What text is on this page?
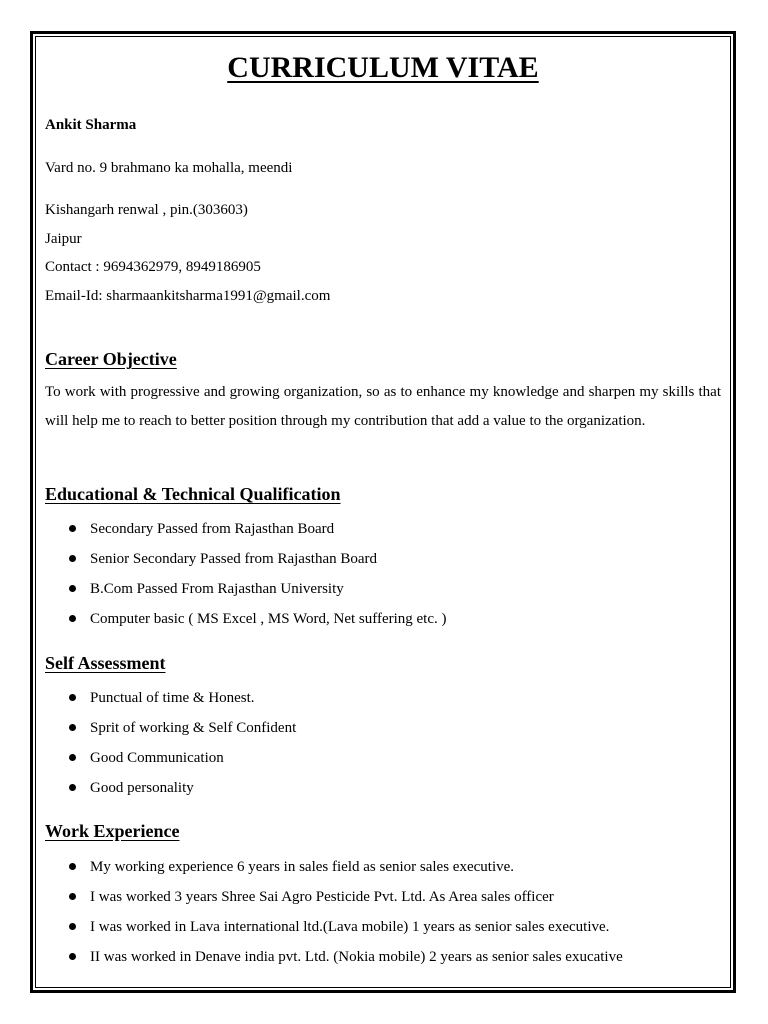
CURRICULUM VITAE
Ankit Sharma
Vard no. 9 brahmano ka mohalla, meendi
Kishangarh renwal , pin.(303603)
Jaipur
Contact : 9694362979, 8949186905
Email-Id: sharmaankitsharma1991@gmail.com
Career Objective
To work with progressive and growing organization, so as to enhance my knowledge and sharpen my skills that will help me to reach to better position through my contribution that add a value to the organization.
Educational & Technical Qualification
Secondary Passed from Rajasthan Board
Senior Secondary Passed from Rajasthan Board
B.Com Passed From Rajasthan University
Computer basic ( MS Excel , MS Word, Net suffering etc. )
Self Assessment
Punctual of time & Honest.
Sprit of working & Self Confident
Good Communication
Good personality
Work Experience
My working experience 6 years in sales field as senior sales executive.
I was worked 3 years Shree Sai Agro Pesticide Pvt. Ltd. As Area sales officer
I was worked in Lava international ltd.(Lava mobile) 1 years as senior sales executive.
II was worked in Denave india pvt. Ltd. (Nokia mobile) 2 years as senior sales exucative
